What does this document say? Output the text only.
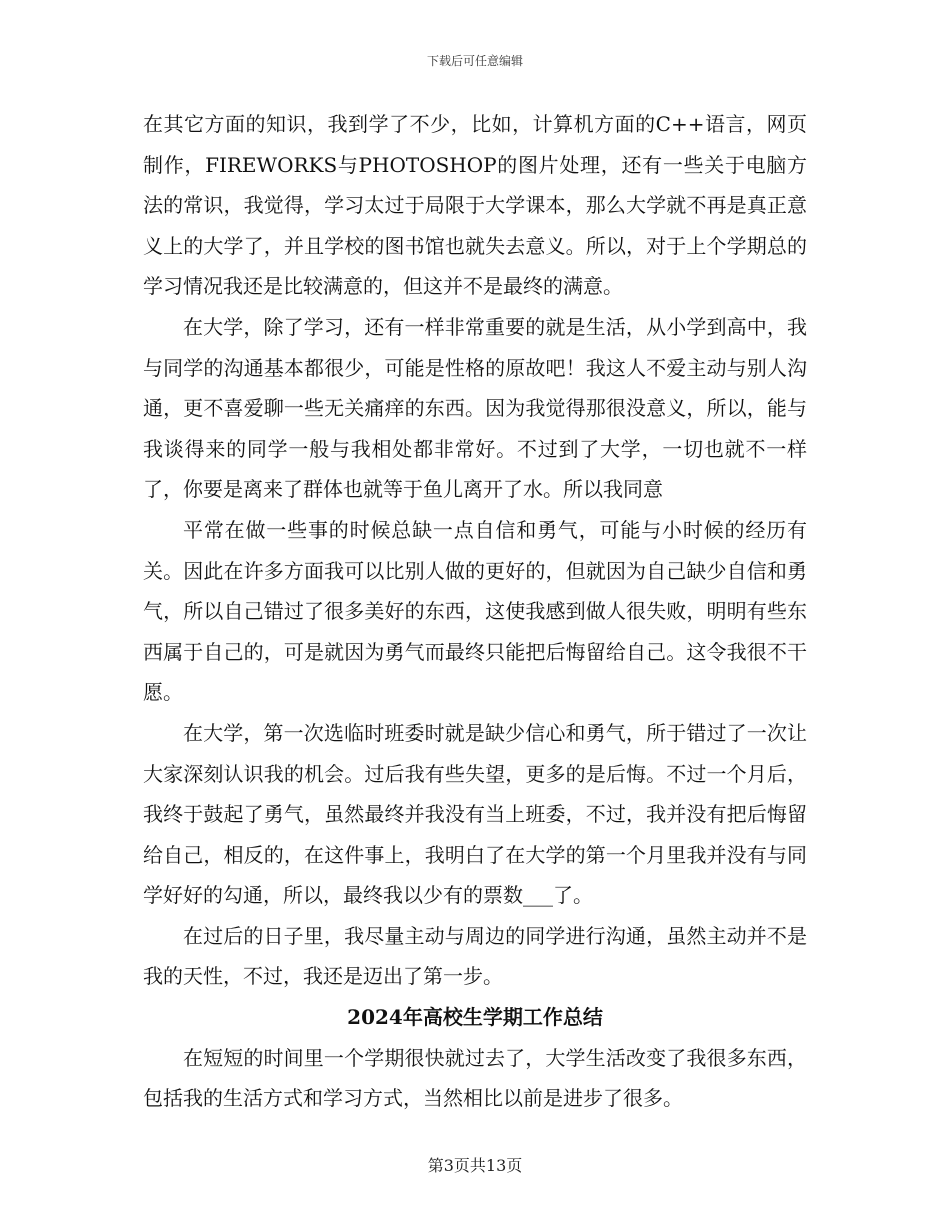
下载后可任意编辑

在其它方面的知识，我到学了不少，比如，计算机方面的C++语言，网页制作，FIREWORKS与PHOTOSHOP的图片处理，还有一些关于电脑方法的常识，我觉得，学习太过于局限于大学课本，那么大学就不再是真正意义上的大学了，并且学校的图书馆也就失去意义。所以，对于上个学期总的学习情况我还是比较满意的，但这并不是最终的满意。

在大学，除了学习，还有一样非常重要的就是生活，从小学到高中，我与同学的沟通基本都很少，可能是性格的原故吧！我这人不爱主动与别人沟通，更不喜爱聊一些无关痛痒的东西。因为我觉得那很没意义，所以，能与我谈得来的同学一般与我相处都非常好。不过到了大学，一切也就不一样了，你要是离来了群体也就等于鱼儿离开了水。所以我同意

平常在做一些事的时候总缺一点自信和勇气，可能与小时候的经历有关。因此在许多方面我可以比别人做的更好的，但就因为自己缺少自信和勇气，所以自己错过了很多美好的东西，这使我感到做人很失败，明明有些东西属于自己的，可是就因为勇气而最终只能把后悔留给自己。这令我很不干愿。

在大学，第一次选临时班委时就是缺少信心和勇气，所于错过了一次让大家深刻认识我的机会。过后我有些失望，更多的是后悔。不过一个月后，我终于鼓起了勇气，虽然最终并我没有当上班委，不过，我并没有把后悔留给自己，相反的，在这件事上，我明白了在大学的第一个月里我并没有与同学好好的勾通，所以，最终我以少有的票数___了。

在过后的日子里，我尽量主动与周边的同学进行沟通，虽然主动并不是我的天性，不过，我还是迈出了第一步。

2024年高校生学期工作总结

在短短的时间里一个学期很快就过去了，大学生活改变了我很多东西，包括我的生活方式和学习方式，当然相比以前是进步了很多。

第3页共13页
